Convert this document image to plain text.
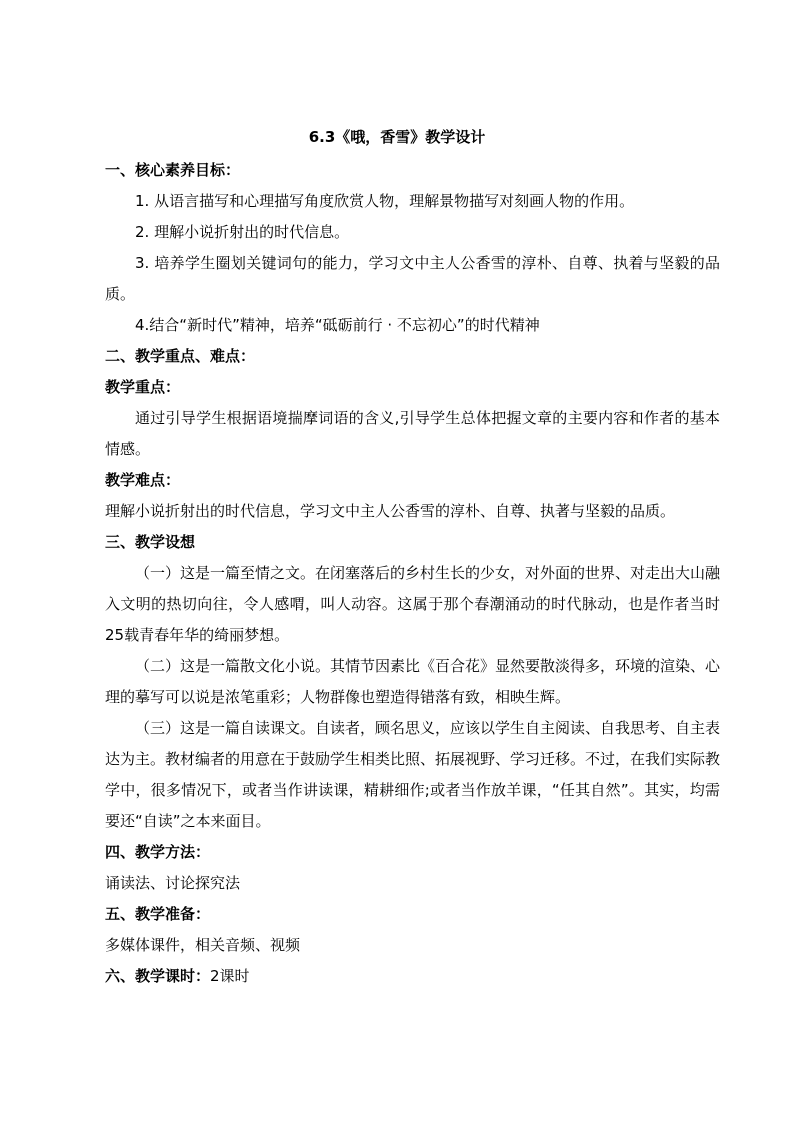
6.3《哦，香雪》教学设计
一、核心素养目标：
1. 从语言描写和心理描写角度欣赏人物，理解景物描写对刻画人物的作用。
2. 理解小说折射出的时代信息。
3. 培养学生圈划关键词句的能力，学习文中主人公香雪的淳朴、自尊、执着与坚毅的品质。
4.结合“新时代”精神，培养“砥砺前行 · 不忘初心”的时代精神
二、教学重点、难点：
教学重点：
通过引导学生根据语境揣摩词语的含义,引导学生总体把握文章的主要内容和作者的基本情感。
教学难点：
理解小说折射出的时代信息，学习文中主人公香雪的淳朴、自尊、执著与坚毅的品质。
三、教学设想
（一）这是一篇至情之文。在闭塞落后的乡村生长的少女，对外面的世界、对走出大山融入文明的热切向往，令人感喟，叫人动容。这属于那个春潮涌动的时代脉动，也是作者当时25载青春年华的绮丽梦想。
（二）这是一篇散文化小说。其情节因素比《百合花》显然要散淡得多，环境的渲染、心理的摹写可以说是浓笔重彩；人物群像也塑造得错落有致，相映生辉。
（三）这是一篇自读课文。自读者，顾名思义，应该以学生自主阅读、自我思考、自主表达为主。教材编者的用意在于鼓励学生相类比照、拓展视野、学习迁移。不过，在我们实际教学中，很多情况下，或者当作讲读课，精耕细作;或者当作放羊课，“任其自然”。其实，均需要还“自读”之本来面目。
四、教学方法：
诵读法、讨论探究法
五、教学准备：
多媒体课件，相关音频、视频
六、教学课时：2课时
